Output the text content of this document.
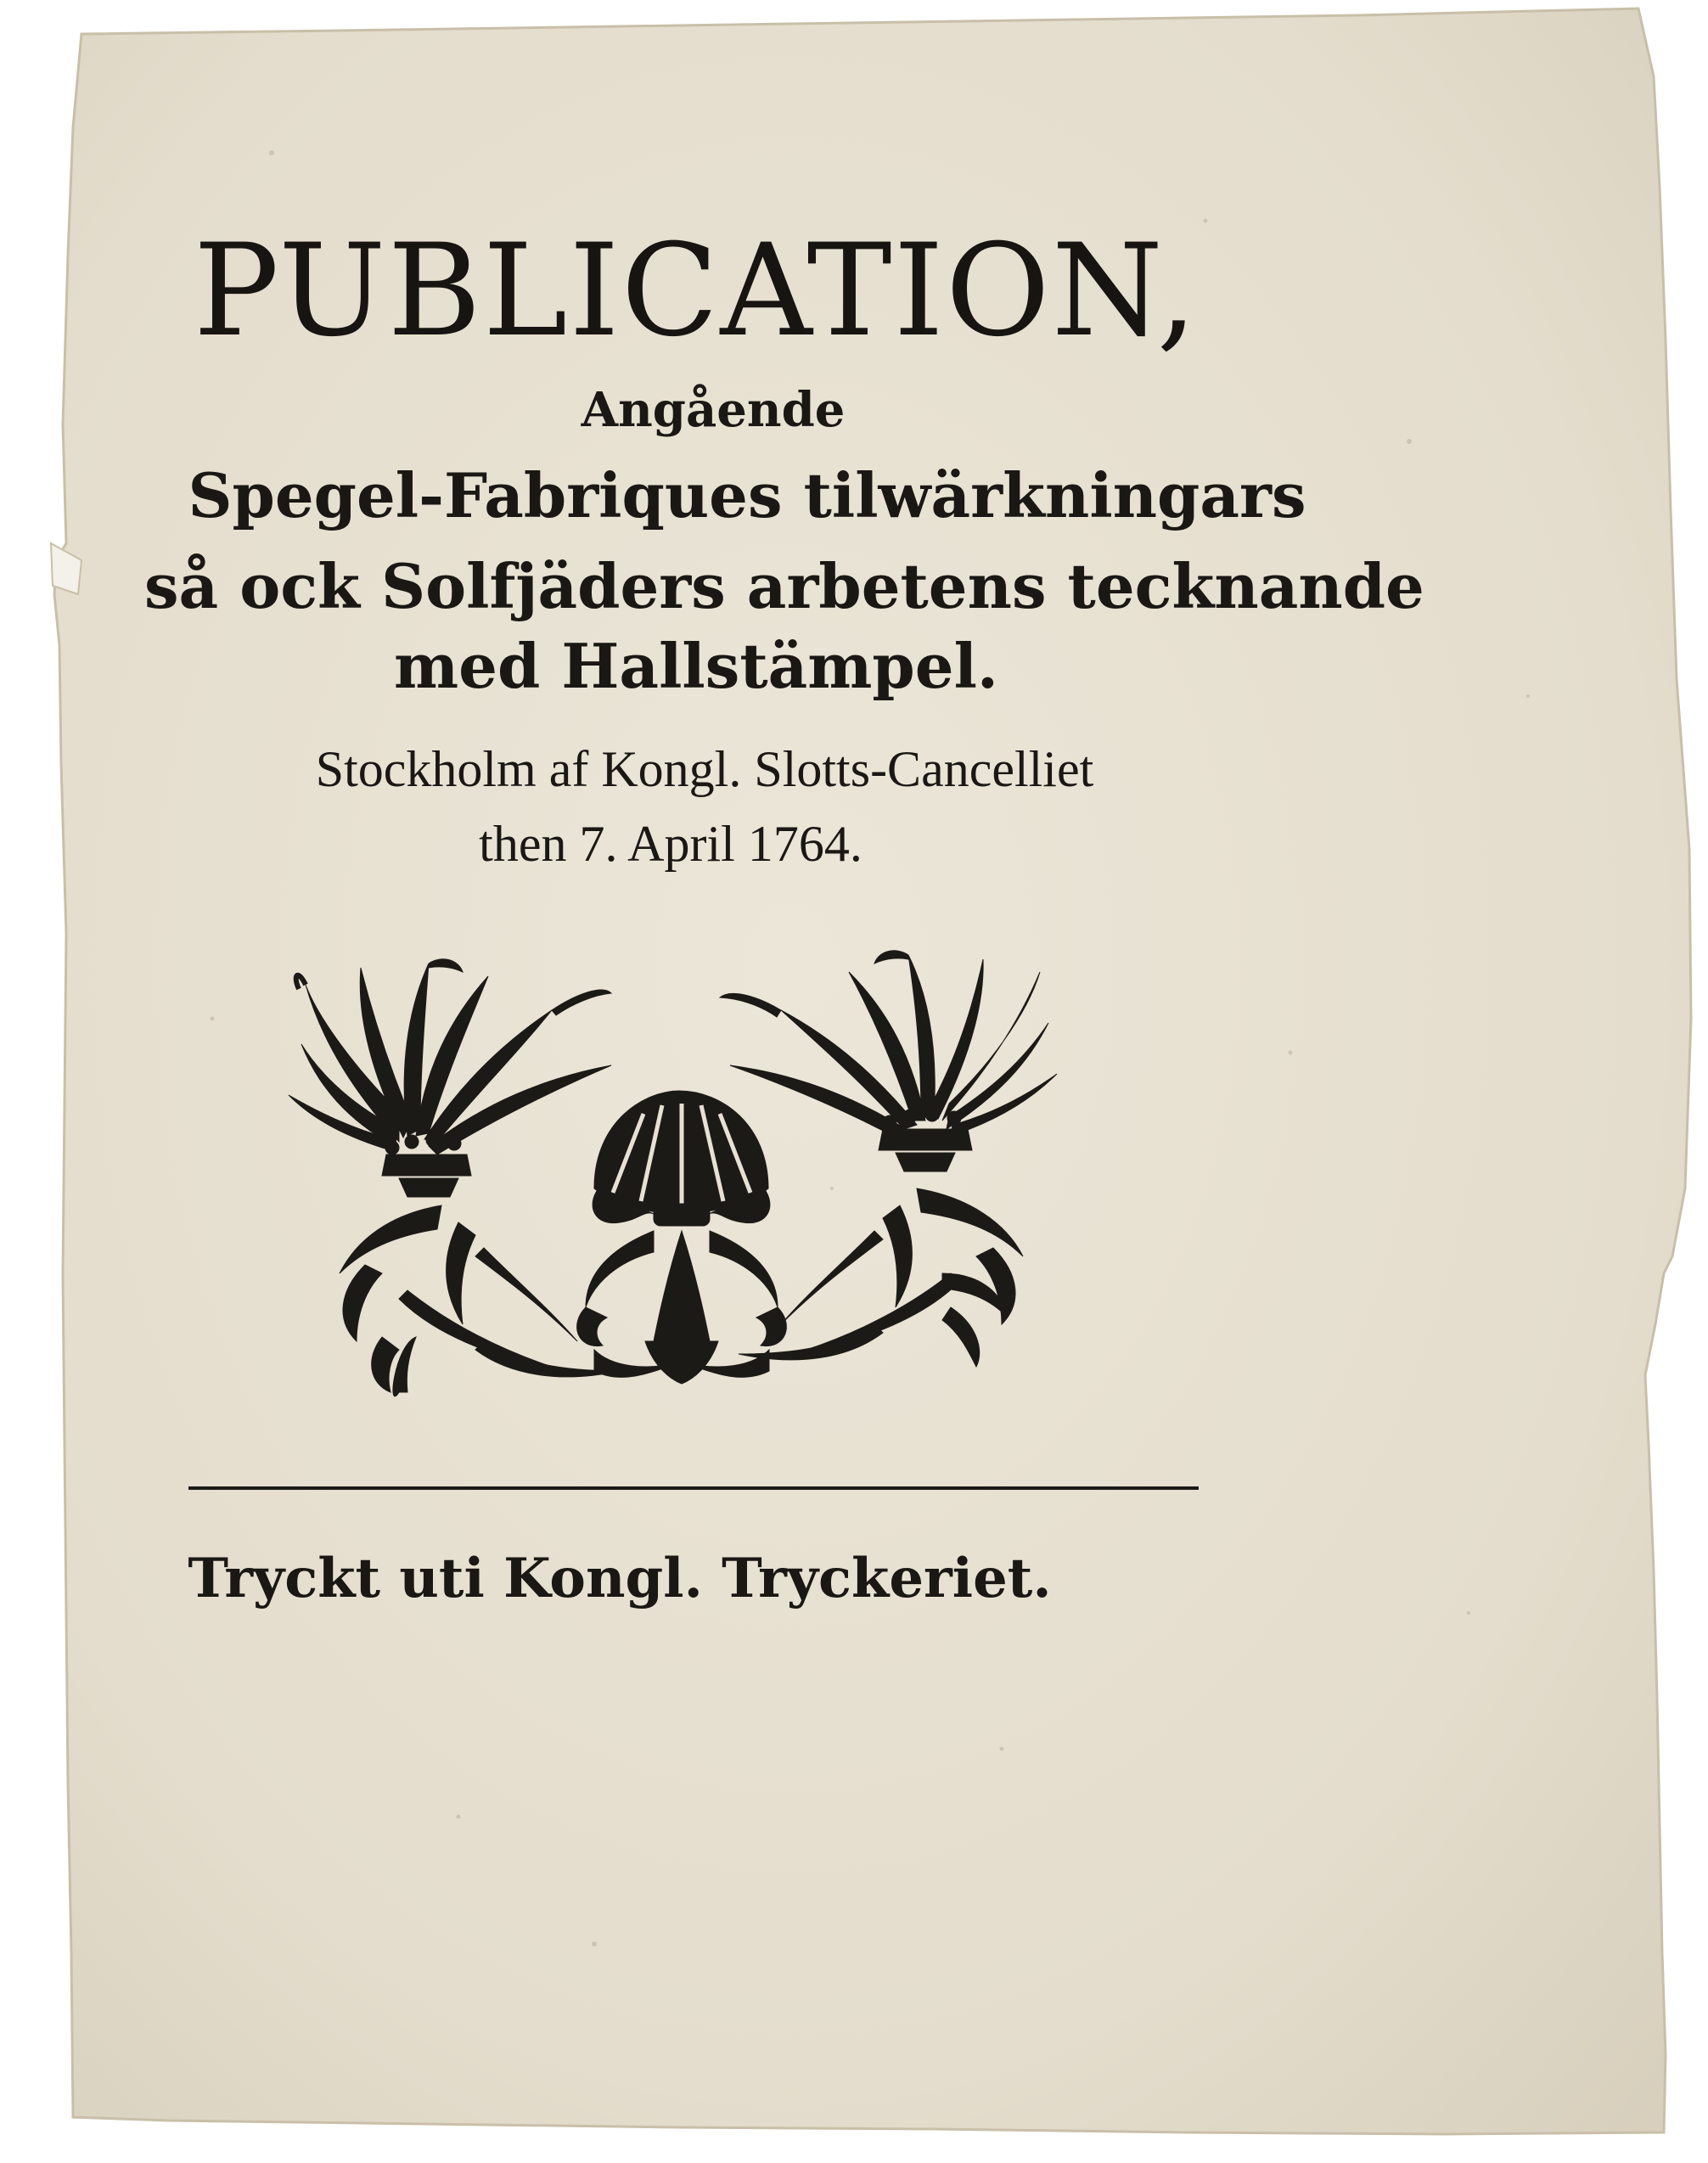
PUBLICATION,
Angående
Spegel-Fabriques tilwärkningars
så ock Solfjäders arbetens tecknande
med Hallstämpel.
Stockholm af Kongl. Slotts-Cancelliet
then 7. April 1764.
Tryckt uti Kongl. Tryckeriet.
